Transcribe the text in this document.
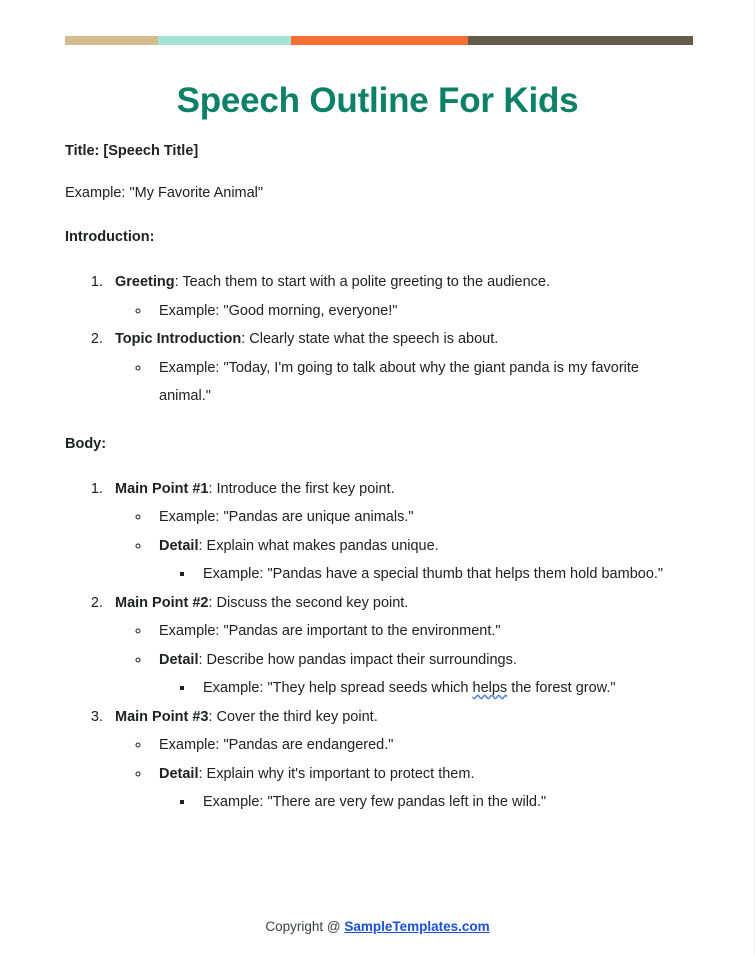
Speech Outline For Kids

Title: [Speech Title]

Example: "My Favorite Animal"

Introduction:

1. Greeting: Teach them to start with a polite greeting to the audience.
◦ Example: "Good morning, everyone!"
2. Topic Introduction: Clearly state what the speech is about.
◦ Example: "Today, I'm going to talk about why the giant panda is my favorite animal."

Body:

1. Main Point #1: Introduce the first key point.
◦ Example: "Pandas are unique animals."
◦ Detail: Explain what makes pandas unique.
▪ Example: "Pandas have a special thumb that helps them hold bamboo."
2. Main Point #2: Discuss the second key point.
◦ Example: "Pandas are important to the environment."
◦ Detail: Describe how pandas impact their surroundings.
▪ Example: "They help spread seeds which helps the forest grow."
3. Main Point #3: Cover the third key point.
◦ Example: "Pandas are endangered."
◦ Detail: Explain why it's important to protect them.
▪ Example: "There are very few pandas left in the wild."
Copyright @ SampleTemplates.com
